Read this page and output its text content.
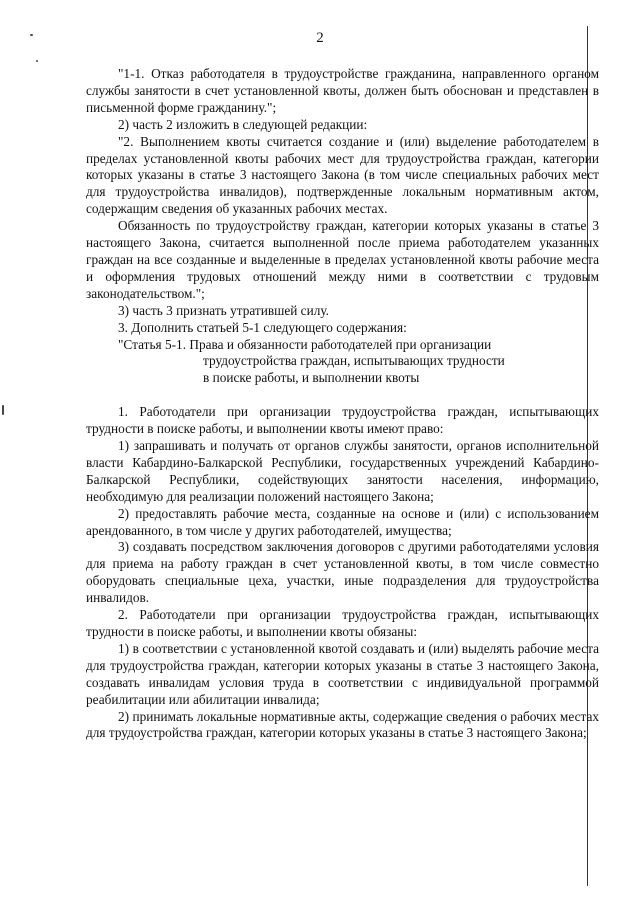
2

"1-1. Отказ работодателя в трудоустройстве гражданина, направленного органом службы занятости в счет установленной квоты, должен быть обоснован и представлен в письменной форме гражданину.";

2) часть 2 изложить в следующей редакции:

"2. Выполнением квоты считается создание и (или) выделение работодателем в пределах установленной квоты рабочих мест для трудоустройства граждан, категории которых указаны в статье 3 настоящего Закона (в том числе специальных рабочих мест для трудоустройства инвалидов), подтвержденные локальным нормативным актом, содержащим сведения об указанных рабочих местах.

Обязанность по трудоустройству граждан, категории которых указаны в статье 3 настоящего Закона, считается выполненной после приема работодателем указанных граждан на все созданные и выделенные в пределах установленной квоты рабочие места и оформления трудовых отношений между ними в соответствии с трудовым законодательством.";

3) часть 3 признать утратившей силу.

3. Дополнить статьей 5-1 следующего содержания:

"Статья 5-1. Права и обязанности работодателей при организации

трудоустройства граждан, испытывающих трудности

в поиске работы, и выполнении квоты

1. Работодатели при организации трудоустройства граждан, испытывающих трудности в поиске работы, и выполнении квоты имеют право:

1) запрашивать и получать от органов службы занятости, органов исполнительной власти Кабардино-Балкарской Республики, государственных учреждений Кабардино-Балкарской Республики, содействующих занятости населения, информацию, необходимую для реализации положений настоящего Закона;

2) предоставлять рабочие места, созданные на основе и (или) с использованием арендованного, в том числе у других работодателей, имущества;

3) создавать посредством заключения договоров с другими работодателями условия для приема на работу граждан в счет установленной квоты, в том числе совместно оборудовать специальные цеха, участки, иные подразделения для трудоустройства инвалидов.

2. Работодатели при организации трудоустройства граждан, испытывающих трудности в поиске работы, и выполнении квоты обязаны:

1) в соответствии с установленной квотой создавать и (или) выделять рабочие места для трудоустройства граждан, категории которых указаны в статье 3 настоящего Закона, создавать инвалидам условия труда в соответствии с индивидуальной программой реабилитации или абилитации инвалида;

2) принимать локальные нормативные акты, содержащие сведения о рабочих местах для трудоустройства граждан, категории которых указаны в статье 3 настоящего Закона;
